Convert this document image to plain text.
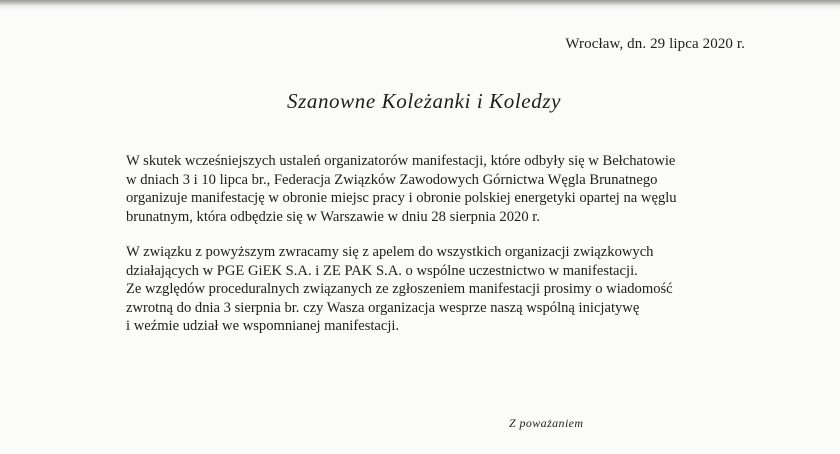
Wrocław, dn. 29 lipca 2020 r.
Szanowne Koleżanki i Koledzy

W skutek wcześniejszych ustaleń organizatorów manifestacji, które odbyły się w Bełchatowie
w dniach 3 i 10 lipca br., Federacja Związków Zawodowych Górnictwa Węgla Brunatnego
organizuje manifestację w obronie miejsc pracy i obronie polskiej energetyki opartej na węglu
brunatnym, która odbędzie się w Warszawie w dniu 28 sierpnia 2020 r.

W związku z powyższym zwracamy się z apelem do wszystkich organizacji związkowych
działających w PGE GiEK S.A. i ZE PAK S.A. o wspólne uczestnictwo w manifestacji.
Ze względów proceduralnych związanych ze zgłoszeniem manifestacji prosimy o wiadomość
zwrotną do dnia 3 sierpnia br. czy Wasza organizacja wesprze naszą wspólną inicjatywę
i weźmie udział we wspomnianej manifestacji.

Z poważaniem
